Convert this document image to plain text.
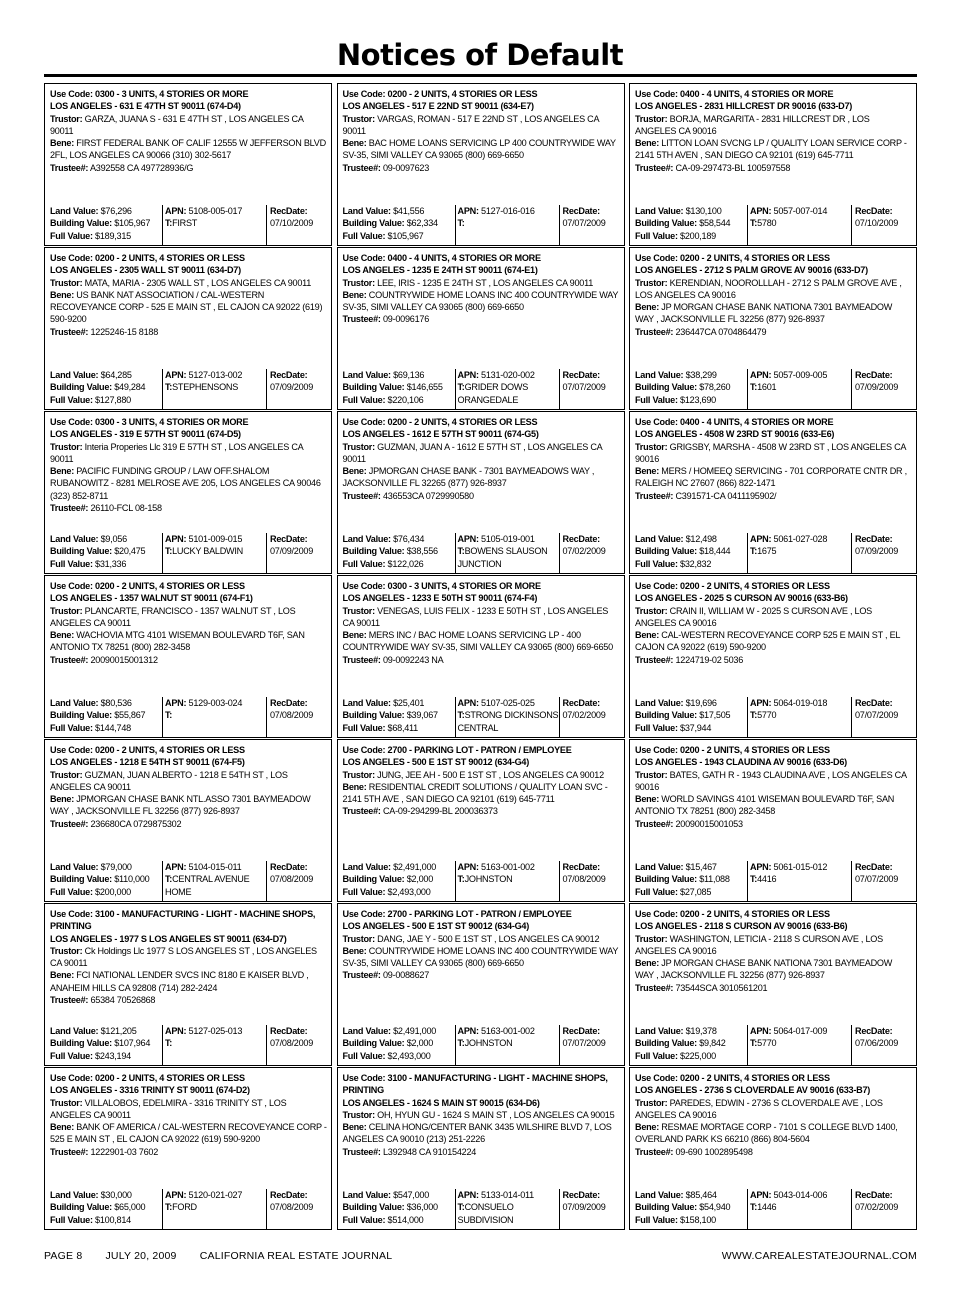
Notices of Default
Use Code: 0300 - 3 UNITS, 4 STORIES OR MORE
LOS ANGELES - 631 E 47TH ST 90011 (674-D4)
Trustor: GARZA, JUANA S - 631 E 47TH ST , LOS ANGELES CA 90011
Bene: FIRST FEDERAL BANK OF CALIF 12555 W JEFFERSON BLVD 2FL, LOS ANGELES CA 90066 (310) 302-5617
Trustee#: A392558 CA 497728936/G
Land Value: $76,296
Building Value: $105,967
Full Value: $189,315
APN: 5108-005-017
T:FIRST
RecDate:
07/10/2009
Use Code: 0200 - 2 UNITS, 4 STORIES OR LESS
LOS ANGELES - 517 E 22ND ST 90011 (634-E7)
Trustor: VARGAS, ROMAN - 517 E 22ND ST , LOS ANGELES CA 90011
Bene: BAC HOME LOANS SERVICING LP 400 COUNTRYWIDE WAY SV-35, SIMI VALLEY CA 93065 (800) 669-6650
Trustee#: 09-0097623
Land Value: $41,556
Building Value: $62,334
Full Value: $105,967
APN: 5127-016-016
T:
RecDate:
07/07/2009
Use Code: 0400 - 4 UNITS, 4 STORIES OR MORE
LOS ANGELES - 2831 HILLCREST DR 90016 (633-D7)
Trustor: BORJA, MARGARITA - 2831 HILLCREST DR , LOS ANGELES CA 90016
Bene: LITTON LOAN SVCNG LP / QUALITY LOAN SERVICE CORP - 2141 5TH AVEN , SAN DIEGO CA 92101 (619) 645-7711
Trustee#: CA-09-297473-BL 100597558
Land Value: $130,100
Building Value: $58,544
Full Value: $200,189
APN: 5057-007-014
T:5780
RecDate:
07/10/2009
Use Code: 0200 - 2 UNITS, 4 STORIES OR LESS
LOS ANGELES - 2305 WALL ST 90011 (634-D7)
Trustor: MATA, MARIA - 2305 WALL ST , LOS ANGELES CA 90011
Bene: US BANK NAT ASSOCIATION / CAL-WESTERN RECOVEYANCE CORP - 525 E MAIN ST , EL CAJON CA 92022 (619) 590-9200
Trustee#: 1225246-15 8188
Land Value: $64,285
Building Value: $49,284
Full Value: $127,880
APN: 5127-013-002
T:STEPHENSONS
RecDate:
07/09/2009
Use Code: 0400 - 4 UNITS, 4 STORIES OR MORE
LOS ANGELES - 1235 E 24TH ST 90011 (674-E1)
Trustor: LEE, IRIS - 1235 E 24TH ST , LOS ANGELES CA 90011
Bene: COUNTRYWIDE HOME LOANS INC 400 COUNTRYWIDE WAY SV-35, SIMI VALLEY CA 93065 (800) 669-6650
Trustee#: 09-0096176
Land Value: $69,136
Building Value: $146,655
Full Value: $220,106
APN: 5131-020-002
T:GRIDER DOWS ORANGEDALE
RecDate:
07/07/2009
Use Code: 0200 - 2 UNITS, 4 STORIES OR LESS
LOS ANGELES - 2712 S PALM GROVE AV 90016 (633-D7)
Trustor: KERENDIAN, NOOROLLLAH - 2712 S PALM GROVE AVE , LOS ANGELES CA 90016
Bene: JP MORGAN CHASE BANK NATIONA 7301 BAYMEADOW WAY , JACKSONVILLE FL 32256 (877) 926-8937
Trustee#: 236447CA 0704864479
Land Value: $38,299
Building Value: $78,260
Full Value: $123,690
APN: 5057-009-005
T:1601
RecDate:
07/09/2009
Use Code: 0300 - 3 UNITS, 4 STORIES OR MORE
LOS ANGELES - 319 E 57TH ST 90011 (674-D5)
Trustor: Interia Properies Llc 319 E 57TH ST , LOS ANGELES CA 90011
Bene: PACIFIC FUNDING GROUP / LAW OFF.SHALOM RUBANOWITZ - 8281 MELROSE AVE 205, LOS ANGELES CA 90046 (323) 852-8711
Trustee#: 26110-FCL 08-158
Land Value: $9,056
Building Value: $20,475
Full Value: $31,336
APN: 5101-009-015
T:LUCKY BALDWIN
RecDate:
07/09/2009
Use Code: 0200 - 2 UNITS, 4 STORIES OR LESS
LOS ANGELES - 1612 E 57TH ST 90011 (674-G5)
Trustor: GUZMAN, JUAN A - 1612 E 57TH ST , LOS ANGELES CA 90011
Bene: JPMORGAN CHASE BANK - 7301 BAYMEADOWS WAY , JACKSONVILLE FL 32265 (877) 926-8937
Trustee#: 436553CA 0729990580
Land Value: $76,434
Building Value: $38,556
Full Value: $122,026
APN: 5105-019-001
T:BOWENS SLAUSON JUNCTION
RecDate:
07/02/2009
Use Code: 0400 - 4 UNITS, 4 STORIES OR MORE
LOS ANGELES - 4508 W 23RD ST 90016 (633-E6)
Trustor: GRIGSBY, MARSHA - 4508 W 23RD ST , LOS ANGELES CA 90016
Bene: MERS / HOMEEQ SERVICING - 701 CORPORATE CNTR DR , RALEIGH NC 27607 (866) 822-1471
Trustee#: C391571-CA 0411195902/
Land Value: $12,498
Building Value: $18,444
Full Value: $32,832
APN: 5061-027-028
T:1675
RecDate:
07/09/2009
Use Code: 0200 - 2 UNITS, 4 STORIES OR LESS
LOS ANGELES - 1357 WALNUT ST 90011 (674-F1)
Trustor: PLANCARTE, FRANCISCO - 1357 WALNUT ST , LOS ANGELES CA 90011
Bene: WACHOVIA MTG 4101 WISEMAN BOULEVARD T6F, SAN ANTONIO TX 78251 (800) 282-3458
Trustee#: 20090015001312
Land Value: $80,536
Building Value: $55,867
Full Value: $144,748
APN: 5129-003-024
T:
RecDate:
07/08/2009
Use Code: 0300 - 3 UNITS, 4 STORIES OR MORE
LOS ANGELES - 1233 E 50TH ST 90011 (674-F4)
Trustor: VENEGAS, LUIS FELIX - 1233 E 50TH ST , LOS ANGELES CA 90011
Bene: MERS INC / BAC HOME LOANS SERVICING LP - 400 COUNTRYWIDE WAY SV-35, SIMI VALLEY CA 93065 (800) 669-6650
Trustee#: 09-0092243 NA
Land Value: $25,401
Building Value: $39,067
Full Value: $68,411
APN: 5107-025-025
T:STRONG DICKINSONS CENTRAL
RecDate:
07/02/2009
Use Code: 0200 - 2 UNITS, 4 STORIES OR LESS
LOS ANGELES - 2025 S CURSON AV 90016 (633-B6)
Trustor: CRAIN II, WILLIAM W - 2025 S CURSON AVE , LOS ANGELES CA 90016
Bene: CAL-WESTERN RECOVEYANCE CORP 525 E MAIN ST , EL CAJON CA 92022 (619) 590-9200
Trustee#: 1224719-02 5036
Land Value: $19,696
Building Value: $17,505
Full Value: $37,944
APN: 5064-019-018
T:5770
RecDate:
07/07/2009
Use Code: 0200 - 2 UNITS, 4 STORIES OR LESS
LOS ANGELES - 1218 E 54TH ST 90011 (674-F5)
Trustor: GUZMAN, JUAN ALBERTO - 1218 E 54TH ST , LOS ANGELES CA 90011
Bene: JPMORGAN CHASE BANK NTL.ASSO 7301 BAYMEADOW WAY , JACKSONVILLE FL 32256 (877) 926-8937
Trustee#: 236680CA 0729875302
Land Value: $79,000
Building Value: $110,000
Full Value: $200,000
APN: 5104-015-011
T:CENTRAL AVENUE HOME
RecDate:
07/08/2009
Use Code: 2700 - PARKING LOT - PATRON / EMPLOYEE
LOS ANGELES - 500 E 1ST ST 90012 (634-G4)
Trustor: JUNG, JEE AH - 500 E 1ST ST , LOS ANGELES CA 90012
Bene: RESIDENTIAL CREDIT SOLUTIONS / QUALITY LOAN SVC - 2141 5TH AVE , SAN DIEGO CA 92101 (619) 645-7711
Trustee#: CA-09-294299-BL 200036373
Land Value: $2,491,000
Building Value: $2,000
Full Value: $2,493,000
APN: 5163-001-002
T:JOHNSTON
RecDate:
07/08/2009
Use Code: 0200 - 2 UNITS, 4 STORIES OR LESS
LOS ANGELES - 1943 CLAUDINA AV 90016 (633-D6)
Trustor: BATES, GATH R - 1943 CLAUDINA AVE , LOS ANGELES CA 90016
Bene: WORLD SAVINGS 4101 WISEMAN BOULEVARD T6F, SAN ANTONIO TX 78251 (800) 282-3458
Trustee#: 20090015001053
Land Value: $15,467
Building Value: $11,088
Full Value: $27,085
APN: 5061-015-012
T:4416
RecDate:
07/07/2009
Use Code: 3100 - MANUFACTURING - LIGHT - MACHINE SHOPS, PRINTING
LOS ANGELES - 1977 S LOS ANGELES ST 90011 (634-D7)
Trustor: Ck Holdings Llc 1977 S LOS ANGELES ST , LOS ANGELES CA 90011
Bene: FCI NATIONAL LENDER SVCS INC 8180 E KAISER BLVD , ANAHEIM HILLS CA 92808 (714) 282-2424
Trustee#: 65384 70526868
Land Value: $121,205
Building Value: $107,964
Full Value: $243,194
APN: 5127-025-013
T:
RecDate:
07/08/2009
Use Code: 2700 - PARKING LOT - PATRON / EMPLOYEE
LOS ANGELES - 500 E 1ST ST 90012 (634-G4)
Trustor: DANG, JAE Y - 500 E 1ST ST , LOS ANGELES CA 90012
Bene: COUNTRYWIDE HOME LOANS INC 400 COUNTRYWIDE WAY SV-35, SIMI VALLEY CA 93065 (800) 669-6650
Trustee#: 09-0088627
Land Value: $2,491,000
Building Value: $2,000
Full Value: $2,493,000
APN: 5163-001-002
T:JOHNSTON
RecDate:
07/07/2009
Use Code: 0200 - 2 UNITS, 4 STORIES OR LESS
LOS ANGELES - 2118 S CURSON AV 90016 (633-B6)
Trustor: WASHINGTON, LETICIA - 2118 S CURSON AVE , LOS ANGELES CA 90016
Bene: JP MORGAN CHASE BANK NATIONA 7301 BAYMEADOW WAY , JACKSONVILLE FL 32256 (877) 926-8937
Trustee#: 73544SCA 3010561201
Land Value: $19,378
Building Value: $9,842
Full Value: $225,000
APN: 5064-017-009
T:5770
RecDate:
07/06/2009
Use Code: 0200 - 2 UNITS, 4 STORIES OR LESS
LOS ANGELES - 3316 TRINITY ST 90011 (674-D2)
Trustor: VILLALOBOS, EDELMIRA - 3316 TRINITY ST , LOS ANGELES CA 90011
Bene: BANK OF AMERICA / CAL-WESTERN RECOVEYANCE CORP - 525 E MAIN ST , EL CAJON CA 92022 (619) 590-9200
Trustee#: 1222901-03 7602
Land Value: $30,000
Building Value: $65,000
Full Value: $100,814
APN: 5120-021-027
T:FORD
RecDate:
07/08/2009
Use Code: 3100 - MANUFACTURING - LIGHT - MACHINE SHOPS, PRINTING
LOS ANGELES - 1624 S MAIN ST 90015 (634-D6)
Trustor: OH, HYUN GU - 1624 S MAIN ST , LOS ANGELES CA 90015
Bene: CELINA HONG/CENTER BANK 3435 WILSHIRE BLVD 7, LOS ANGELES CA 90010 (213) 251-2226
Trustee#: L392948 CA 910154224
Land Value: $547,000
Building Value: $36,000
Full Value: $514,000
APN: 5133-014-011
T:CONSUELO SUBDIVISION
RecDate:
07/09/2009
Use Code: 0200 - 2 UNITS, 4 STORIES OR LESS
LOS ANGELES - 2736 S CLOVERDALE AV 90016 (633-B7)
Trustor: PAREDES, EDWIN - 2736 S CLOVERDALE AVE , LOS ANGELES CA 90016
Bene: RESMAE MORTAGE CORP - 7101 S COLLEGE BLVD 1400, OVERLAND PARK KS 66210 (866) 804-5604
Trustee#: 09-690 1002895498
Land Value: $85,464
Building Value: $54,940
Full Value: $158,100
APN: 5043-014-006
T:1446
RecDate:
07/02/2009
PAGE 8 JULY 20, 2009 CALIFORNIA REAL ESTATE JOURNAL	WWW.CAREALESTATEJOURNAL.COM
